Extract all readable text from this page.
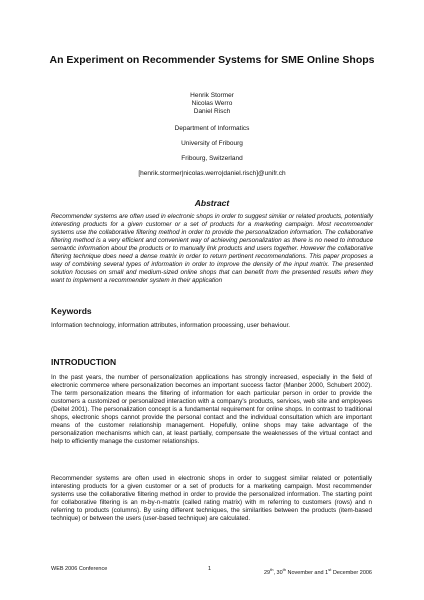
An Experiment on Recommender Systems for SME Online Shops
Henrik Stormer
Nicolas Werro
Daniel Risch
Department of Informatics
University of Fribourg
Fribourg, Switzerland
[henrik.stormer|nicolas.werro|daniel.risch]@unifr.ch
Abstract
Recommender systems are often used in electronic shops in order to suggest similar or related products, potentially interesting products for a given customer or a set of products for a marketing campaign. Most recommender systems use the collaborative filtering method in order to provide the personalization information. The collaborative filtering method is a very efficient and convenient way of achieving personalization as there is no need to introduce semantic information about the products or to manually link products and users together. However the collaborative filtering technique does need a dense matrix in order to return pertinent recommendations. This paper proposes a way of combining several types of information in order to improve the density of the input matrix. The presented solution focuses on small and medium-sized online shops that can benefit from the presented results when they want to implement a recommender system in their application
Keywords
Information technology, information attributes, information processing, user behaviour.
INTRODUCTION
In the past years, the number of personalization applications has strongly increased, especially in the field of electronic commerce where personalization becomes an important success factor (Manber 2000, Schubert 2002). The term personalization means the filtering of information for each particular person in order to provide the customers a customized or personalized interaction with a company's products, services, web site and employees (Deitel 2001). The personalization concept is a fundamental requirement for online shops. In contrast to traditional shops, electronic shops cannot provide the personal contact and the individual consultation which are important means of the customer relationship management. Hopefully, online shops may take advantage of the personalization mechanisms which can, at least partially, compensate the weaknesses of the virtual contact and help to efficiently manage the customer relationships.
Recommender systems are often used in electronic shops in order to suggest similar related or potentially interesting products for a given customer or a set of products for a marketing campaign. Most recommender systems use the collaborative filtering method in order to provide the personalized information. The starting point for collaborative filtering is an m-by-n-matrix (called rating matrix) with m referring to customers (rows) and n referring to products (columns). By using different techniques, the similarities between the products (item-based technique) or between the users (user-based technique) are calculated.
WEB 2006 Conference	1
29th, 30th November and 1st December 2006
